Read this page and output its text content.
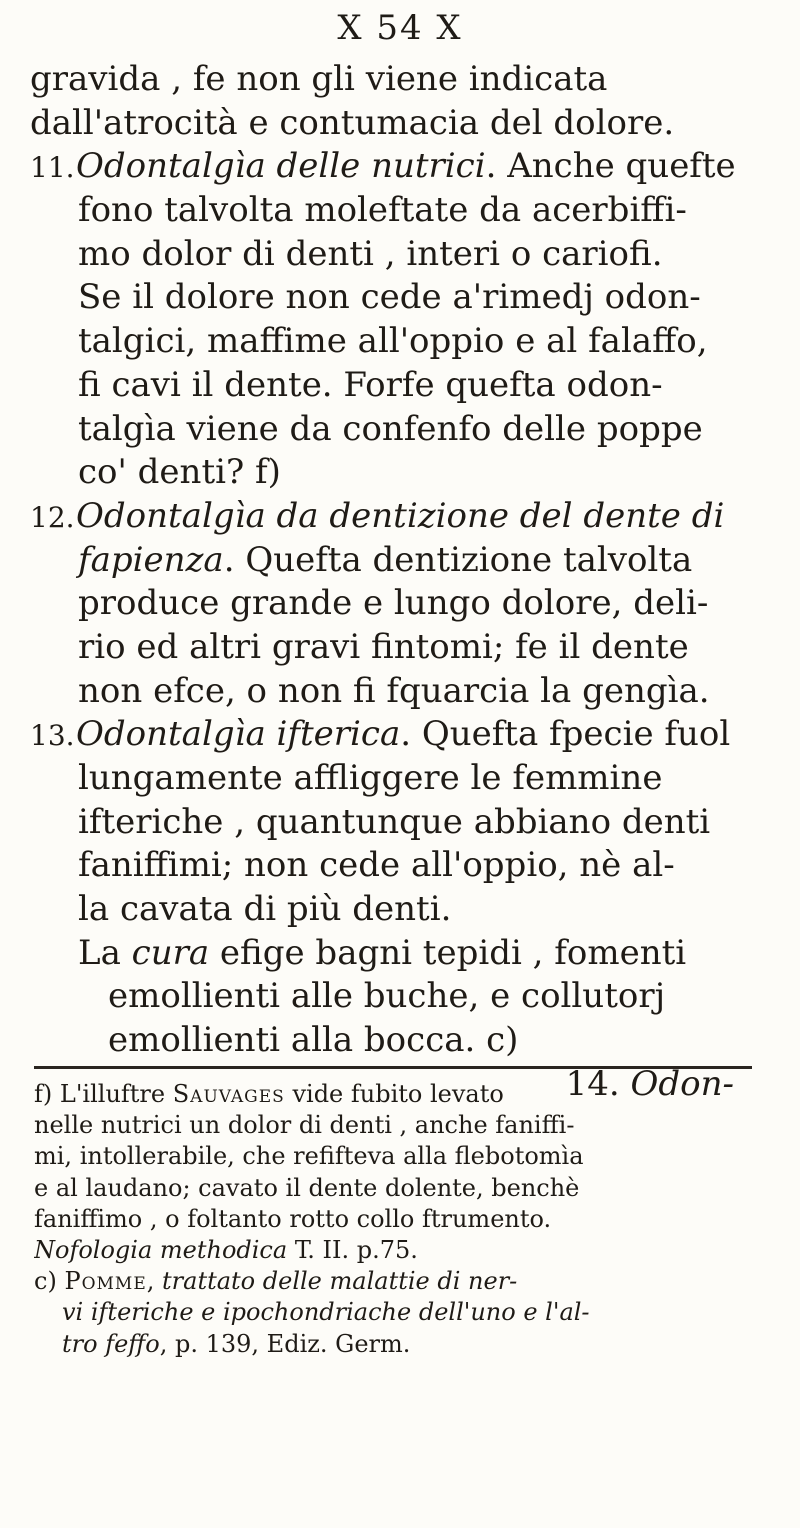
X 54 X
gravida , fe non gli viene indicata
dall'atrocità e contumacia del dolore.
11.Odontalgìa delle nutrici. Anche quefte
fono talvolta moleftate da acerbiffi-
mo dolor di denti , interi o cariofi.
Se il dolore non cede a'rimedj odon-
talgici, maffime all'oppio e al falaffo,
fi cavi il dente. Forfe quefta odon-
talgìa viene da confenfo delle poppe
co' denti? f)
12.Odontalgìa da dentizione del dente di
fapienza. Quefta dentizione talvolta
produce grande e lungo dolore, deli-
rio ed altri gravi fintomi; fe il dente
non efce, o non fi fquarcia la gengìa.
13.Odontalgìa ifterica. Quefta fpecie fuol
lungamente affliggere le femmine
ifteriche , quantunque abbiano denti
faniffimi; non cede all'oppio, nè al-
la cavata di più denti.
La cura efige bagni tepidi , fomenti
emollienti alle buche, e collutorj
emollienti alla bocca. c)
14. Odon-
f) L'illuftre Sauvages vide fubito levato
nelle nutrici un dolor di denti , anche faniffi-
mi, intollerabile, che refifteva alla flebotomìa
e al laudano; cavato il dente dolente, benchè
faniffimo , o foltanto rotto collo ftrumento.
Nofologia methodica T. II. p.75.
c) Pomme, trattato delle malattie di ner-
vi ifteriche e ipochondriache dell'uno e l'al-
tro feffo, p. 139, Ediz. Germ.
